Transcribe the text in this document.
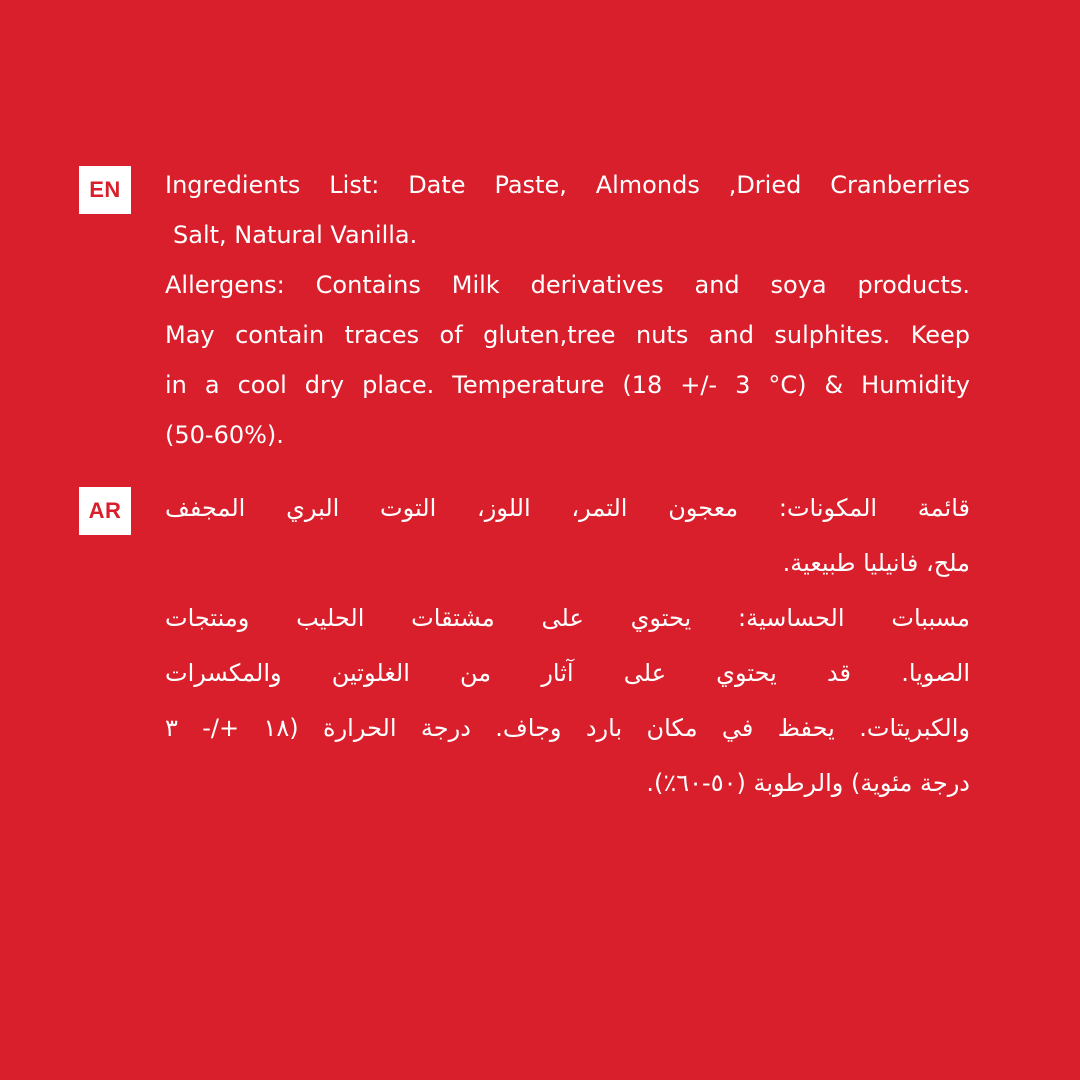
EN	Ingredients List: Date Paste, Almonds ,Dried Cranberries
Salt, Natural Vanilla.
Allergens: Contains Milk derivatives and soya products.
May contain traces of gluten,tree nuts and sulphites. Keep
in a cool dry place. Temperature (18 +/- 3 °C) & Humidity
(50-60%).
AR	قائمة المكونات: معجون التمر، اللوز، التوت البري المجفف
ملح، فانيليا طبيعية.
مسببات الحساسية: يحتوي على مشتقات الحليب ومنتجات
الصويا. قد يحتوي على آثار من الغلوتين والمكسرات
والكبريتات. يحفظ في مكان بارد وجاف. درجة الحرارة (١٨ +/- ٣
درجة مئوية) والرطوبة (٥٠-٦٠٪).
